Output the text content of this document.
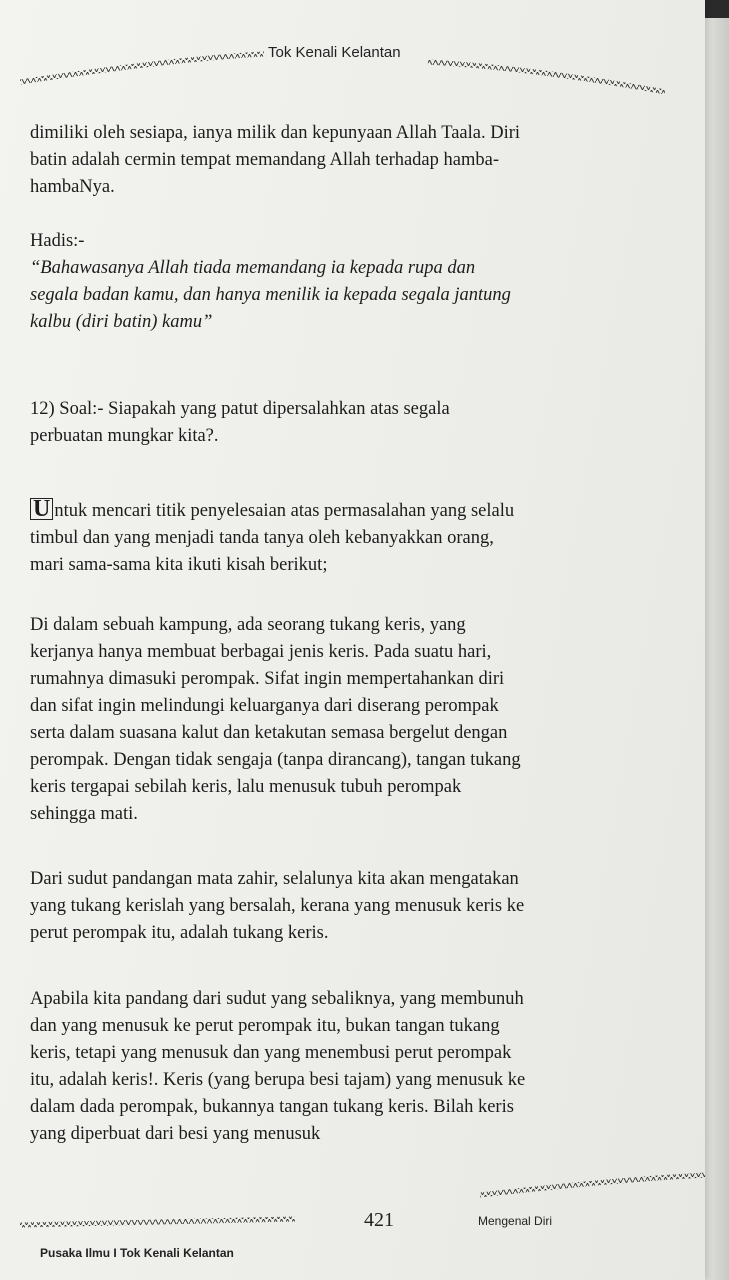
Tok Kenali Kelantan
dimiliki oleh sesiapa, ianya milik dan kepunyaan Allah Taala. Diri
batin adalah cermin tempat memandang Allah terhadap hamba-
hambaNya.
Hadis:-
“Bahawasanya Allah tiada memandang ia kepada rupa dan
segala badan kamu, dan hanya menilik ia kepada segala jantung
kalbu (diri batin) kamu”
12) Soal:- Siapakah yang patut dipersalahkan atas segala
perbuatan mungkar kita?.
U ntuk mencari titik penyelesaian atas permasalahan yang selalu
timbul dan yang menjadi tanda tanya oleh kebanyakkan orang,
mari sama-sama kita ikuti kisah berikut;
Di dalam sebuah kampung, ada seorang tukang keris, yang
kerjanya hanya membuat berbagai jenis keris. Pada suatu hari,
rumahnya dimasuki perompak. Sifat ingin mempertahankan diri
dan sifat ingin melindungi keluarganya dari diserang perompak
serta dalam suasana kalut dan ketakutan semasa bergelut dengan
perompak. Dengan tidak sengaja (tanpa dirancang), tangan tukang
keris tergapai sebilah keris, lalu menusuk tubuh perompak
sehingga mati.
Dari sudut pandangan mata zahir, selalunya kita akan mengatakan
yang tukang kerislah yang bersalah, kerana yang menusuk keris ke
perut perompak itu, adalah tukang keris.
Apabila kita pandang dari sudut yang sebaliknya, yang membunuh
dan yang menusuk ke perut perompak itu, bukan tangan tukang
keris, tetapi yang menusuk dan yang menembusi perut perompak
itu, adalah keris!. Keris (yang berupa besi tajam) yang menusuk ke
dalam dada perompak, bukannya tangan tukang keris. Bilah keris
yang diperbuat dari besi yang menusuk
421	Mengenal Diri
Pusaka Ilmu I Tok Kenali Kelantan
